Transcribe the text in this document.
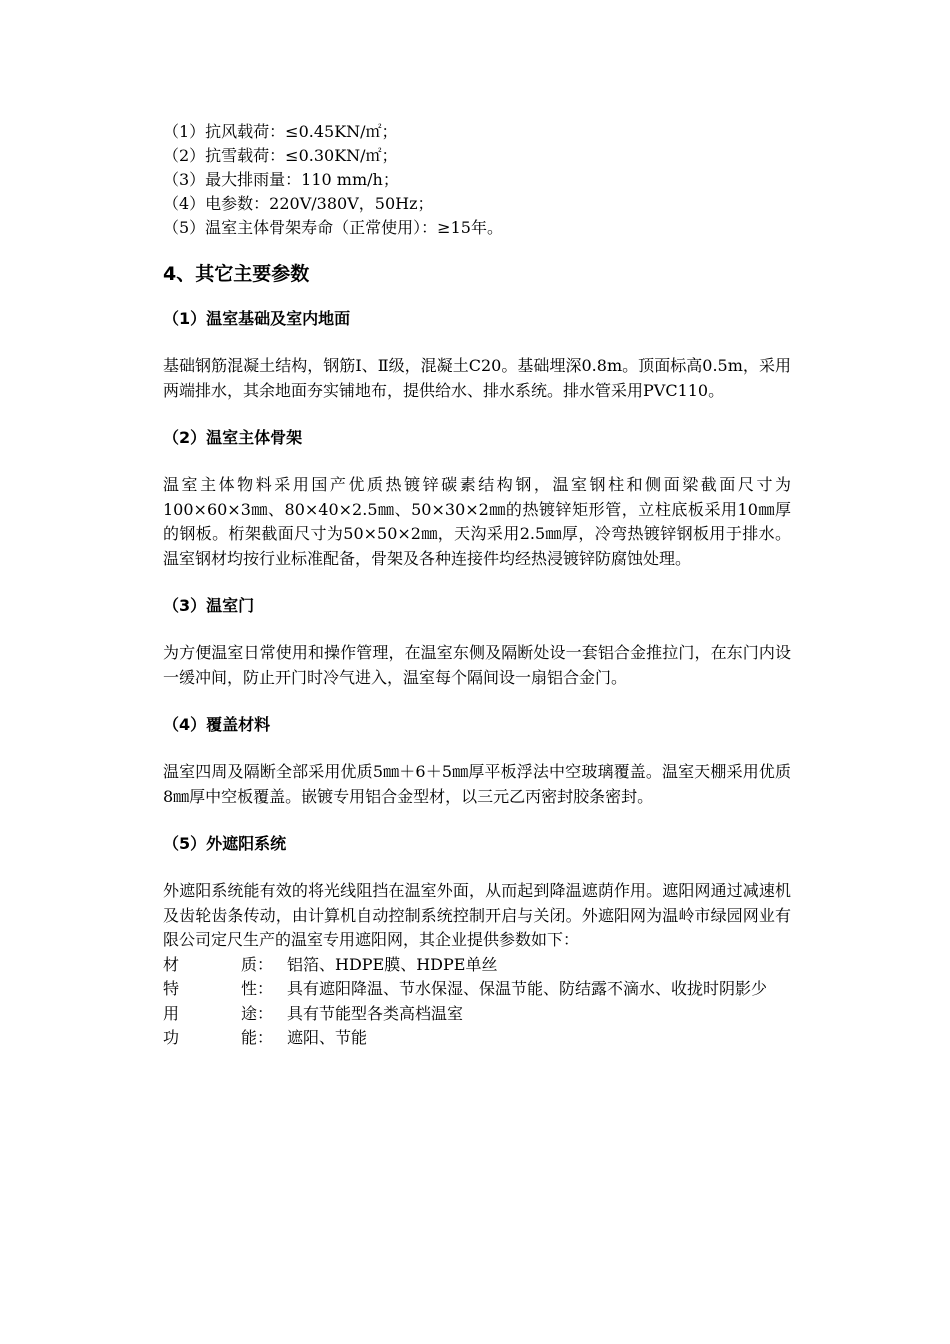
（1）抗风载荷：≤0.45KN/㎡；
（2）抗雪载荷：≤0.30KN/㎡；
（3）最大排雨量：110 mm/h；
（4）电参数：220V/380V，50Hz；
（5）温室主体骨架寿命（正常使用）：≥15年。
4、其它主要参数
（1）温室基础及室内地面

基础钢筋混凝土结构，钢筋Ⅰ、Ⅱ级，混凝土C20。基础埋深0.8m。顶面标高0.5m，采用两端排水，其余地面夯实铺地布，提供给水、排水系统。排水管采用PVC110。

（2）温室主体骨架

温室主体物料采用国产优质热镀锌碳素结构钢，温室钢柱和侧面梁截面尺寸为100×60×3㎜、80×40×2.5㎜、50×30×2㎜的热镀锌矩形管，立柱底板采用10㎜厚的钢板。桁架截面尺寸为50×50×2㎜，天沟采用2.5㎜厚，冷弯热镀锌钢板用于排水。温室钢材均按行业标准配备，骨架及各种连接件均经热浸镀锌防腐蚀处理。

（3）温室门

为方便温室日常使用和操作管理，在温室东侧及隔断处设一套铝合金推拉门，在东门内设一缓冲间，防止开门时冷气进入，温室每个隔间设一扇铝合金门。

（4）覆盖材料

温室四周及隔断全部采用优质5㎜＋6＋5㎜厚平板浮法中空玻璃覆盖。温室天棚采用优质8㎜厚中空板覆盖。嵌镀专用铝合金型材，以三元乙丙密封胶条密封。

（5）外遮阳系统

外遮阳系统能有效的将光线阻挡在温室外面，从而起到降温遮荫作用。遮阳网通过减速机及齿轮齿条传动，由计算机自动控制系统控制开启与关闭。外遮阳网为温岭市绿园网业有限公司定尺生产的温室专用遮阳网，其企业提供参数如下：

材	质：	铝箔、HDPE膜、HDPE单丝
特	性：	具有遮阳降温、节水保湿、保温节能、防结露不滴水、收拢时阴影少
用	途：	具有节能型各类高档温室
功	能：	遮阳、节能
